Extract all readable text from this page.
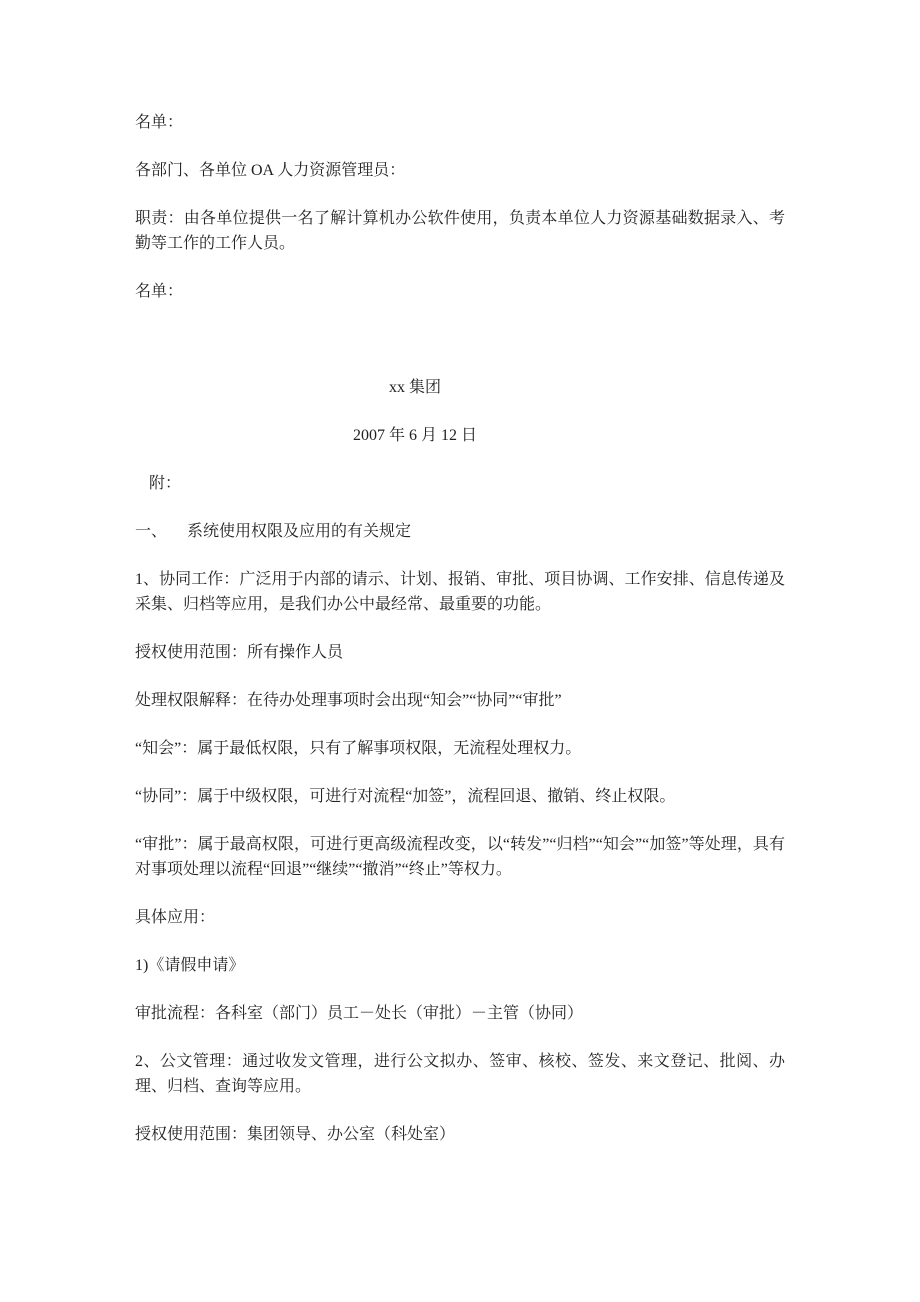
名单：

各部门、各单位 OA 人力资源管理员：

职责：由各单位提供一名了解计算机办公软件使用，负责本单位人力资源基础数据录入、考勤等工作的工作人员。

名单：

xx 集团

2007 年 6 月 12 日

附：

一、 系统使用权限及应用的有关规定

1、协同工作：广泛用于内部的请示、计划、报销、审批、项目协调、工作安排、信息传递及采集、归档等应用，是我们办公中最经常、最重要的功能。

授权使用范围：所有操作人员

处理权限解释：在待办处理事项时会出现“知会”“协同”“审批”

“知会”：属于最低权限，只有了解事项权限，无流程处理权力。

“协同”：属于中级权限，可进行对流程“加签”，流程回退、撤销、终止权限。

“审批”：属于最高权限，可进行更高级流程改变，以“转发”“归档”“知会”“加签”等处理，具有对事项处理以流程“回退”“继续”“撤消”“终止”等权力。

具体应用：

1)《请假申请》

审批流程：各科室（部门）员工－处长（审批）－主管（协同）

2、公文管理：通过收发文管理，进行公文拟办、签审、核校、签发、来文登记、批阅、办理、归档、查询等应用。

授权使用范围：集团领导、办公室（科处室）
